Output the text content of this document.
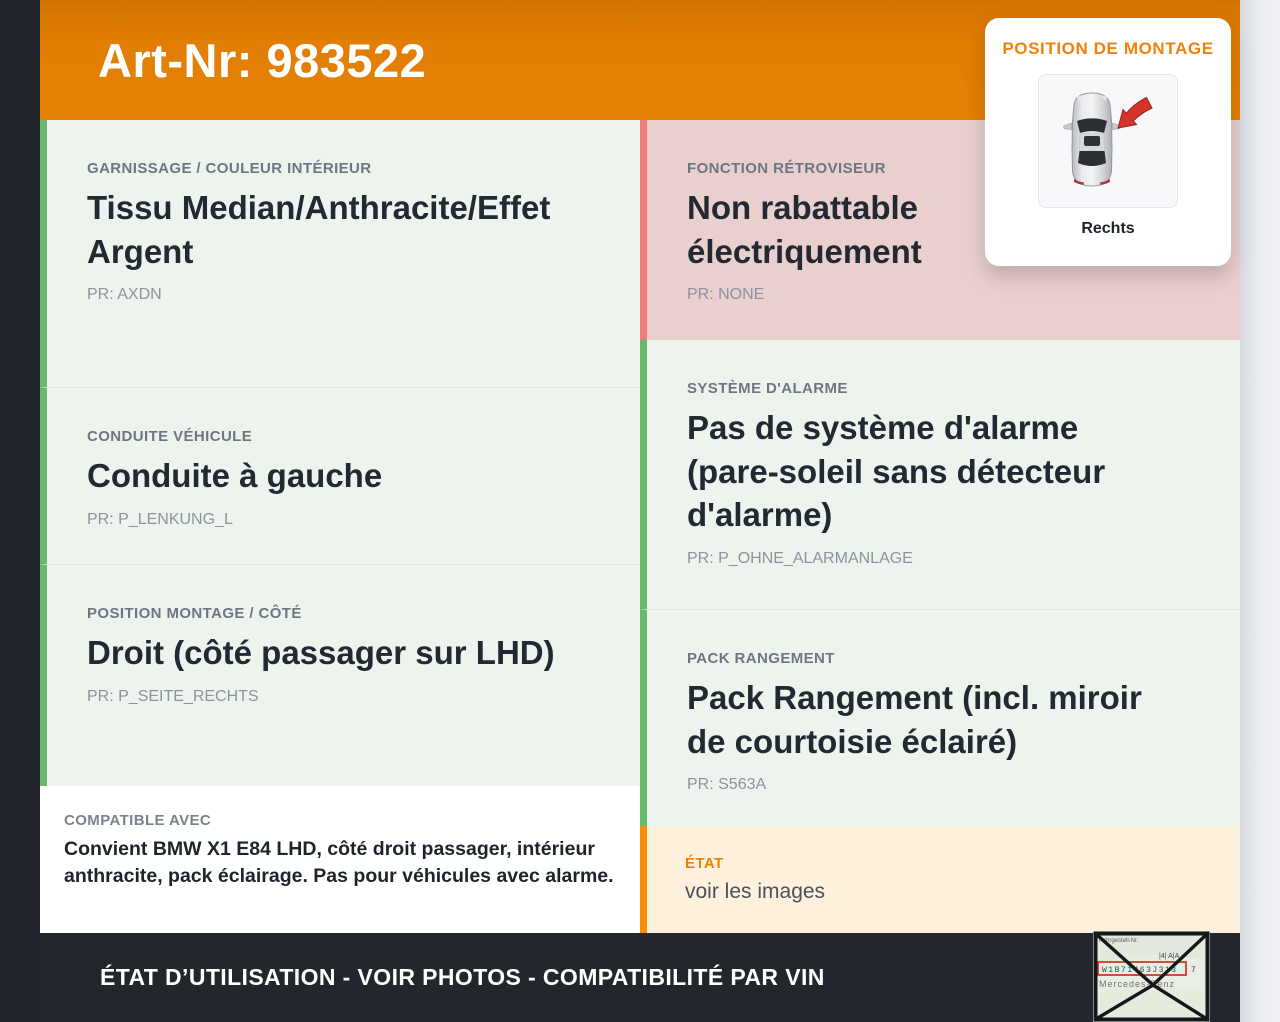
Art-Nr: 983522
GARNISSAGE / COULEUR INTÉRIEUR
Tissu Median/Anthracite/Effet Argent
PR: AXDN
CONDUITE VÉHICULE
Conduite à gauche
PR: P_LENKUNG_L
POSITION MONTAGE / CÔTÉ
Droit (côté passager sur LHD)
PR: P_SEITE_RECHTS
COMPATIBLE AVEC
Convient BMW X1 E84 LHD, côté droit passager, intérieur anthracite, pack éclairage. Pas pour véhicules avec alarme.
FONCTION RÉTROVISEUR
Non rabattable électriquement
PR: NONE
SYSTÈME D'ALARME
Pas de système d'alarme (pare-soleil sans détecteur d'alarme)
PR: P_OHNE_ALARMANLAGE
PACK RANGEMENT
Pack Rangement (incl. miroir de courtoisie éclairé)
PR: S563A
ÉTAT
voir les images
ÉTAT D’UTILISATION - VOIR PHOTOS - COMPATIBILITÉ PAR VIN
Fahrgestell-Nr.
|4| A|A
W1B71463J313 7
Mercedes-Benz
POSITION DE MONTAGE
Rechts
